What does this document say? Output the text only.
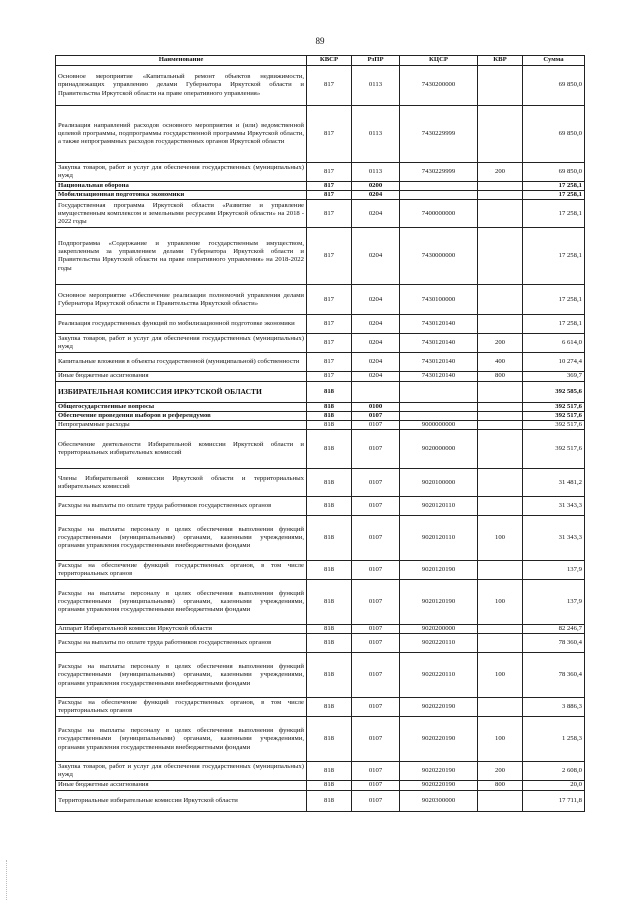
89
Наименование	КВСР	РзПР	КЦСР	КВР	Сумма
Основное мероприятие «Капитальный ремонт объектов недвижимости, принадлежащих управлению делами Губернатора Иркутской области и Правительства Иркутской области на праве оперативного управления»	817	0113	7430200000		69 850,0
Реализация направлений расходов основного мероприятия и (или) ведомственной целевой программы, подпрограммы государственной программы Иркутской области, а также непрограммных расходов государственных органов Иркутской области	817	0113	7430229999		69 850,0
Закупка товаров, работ и услуг для обеспечения государственных (муниципальных) нужд	817	0113	7430229999	200	69 850,0
Национальная оборона	817	0200			17 258,1
Мобилизационная подготовка экономики	817	0204			17 258,1
Государственная программа Иркутской области «Развитие и управление имущественным комплексом и земельными ресурсами Иркутской области» на 2018 - 2022 годы	817	0204	7400000000		17 258,1
Подпрограмма «Содержание и управление государственным имуществом, закрепленным за управлением делами Губернатора Иркутской области и Правительства Иркутской области на праве оперативного управления» на 2018-2022 годы	817	0204	7430000000		17 258,1
Основное мероприятие «Обеспечение реализации полномочий управления делами Губернатора Иркутской области и Правительства Иркутской области»	817	0204	7430100000		17 258,1
Реализация государственных функций по мобилизационной подготовке экономики	817	0204	7430120140		17 258,1
Закупка товаров, работ и услуг для обеспечения государственных (муниципальных) нужд	817	0204	7430120140	200	6 614,0
Капитальные вложения в объекты государственной (муниципальной) собственности	817	0204	7430120140	400	10 274,4
Иные бюджетные ассигнования	817	0204	7430120140	800	369,7
ИЗБИРАТЕЛЬНАЯ КОМИССИЯ ИРКУТСКОЙ ОБЛАСТИ	818				392 585,6
Общегосударственные вопросы	818	0100			392 517,6
Обеспечение проведения выборов и референдумов	818	0107			392 517,6
Непрограммные расходы	818	0107	9000000000		392 517,6
Обеспечение деятельности Избирательной комиссии Иркутской области и территориальных избирательных комиссий	818	0107	9020000000		392 517,6
Члены Избирательной комиссии Иркутской области и территориальных избирательных комиссий	818	0107	9020100000		31 481,2
Расходы на выплаты по оплате труда работников государственных органов	818	0107	9020120110		31 343,3
Расходы на выплаты персоналу в целях обеспечения выполнения функций государственными (муниципальными) органами, казенными учреждениями, органами управления государственными внебюджетными фондами	818	0107	9020120110	100	31 343,3
Расходы на обеспечение функций государственных органов, в том числе территориальных органов	818	0107	9020120190		137,9
Расходы на выплаты персоналу в целях обеспечения выполнения функций государственными (муниципальными) органами, казенными учреждениями, органами управления государственными внебюджетными фондами	818	0107	9020120190	100	137,9
Аппарат Избирательной комиссии Иркутской области	818	0107	9020200000		82 246,7
Расходы на выплаты по оплате труда работников государственных органов	818	0107	9020220110		78 360,4
Расходы на выплаты персоналу в целях обеспечения выполнения функций государственными (муниципальными) органами, казенными учреждениями, органами управления государственными внебюджетными фондами	818	0107	9020220110	100	78 360,4
Расходы на обеспечение функций государственных органов, в том числе территориальных органов	818	0107	9020220190		3 886,3
Расходы на выплаты персоналу в целях обеспечения выполнения функций государственными (муниципальными) органами, казенными учреждениями, органами управления государственными внебюджетными фондами	818	0107	9020220190	100	1 258,3
Закупка товаров, работ и услуг для обеспечения государственных (муниципальных) нужд	818	0107	9020220190	200	2 608,0
Иные бюджетные ассигнования	818	0107	9020220190	800	20,0
Территориальные избирательные комиссии Иркутской области	818	0107	9020300000		17 711,8
